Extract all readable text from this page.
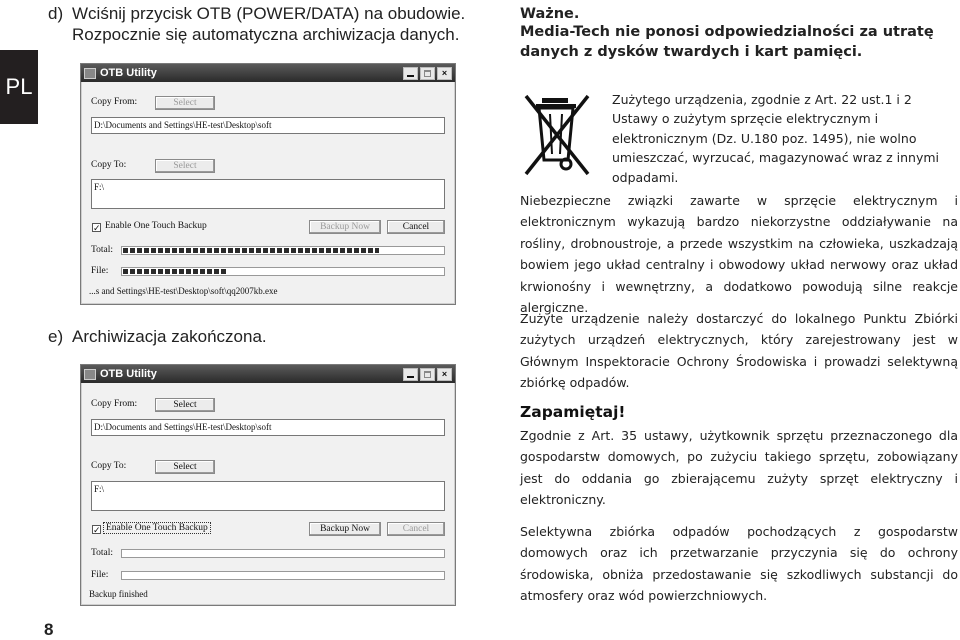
PL
8
d) Wciśnij przycisk OTB (POWER/DATA) na obudowie.
Rozpocznie się automatyczna archiwizacja danych.
OTB Utility	×
Copy From:	Select
D:\Documents and Settings\HE-test\Desktop\soft
Copy To:	Select
F:\
✓ Enable One Touch Backup	Backup Now	Cancel
Total:
File:
...s and Settings\HE-test\Desktop\soft\qq2007kb.exe
e) Archiwizacja zakończona.
OTB Utility	×
Copy From:	Select
D:\Documents and Settings\HE-test\Desktop\soft
Copy To:	Select
F:\
✓ Enable One Touch Backup	Backup Now	Cancel
Total:
File:
Backup finished
Ważne.
Media-Tech nie ponosi odpowiedzialności za utratę danych z dysków twardych i kart pamięci.
Zużytego urządzenia, zgodnie z Art. 22 ust.1 i 2 Ustawy o zużytym sprzęcie elektrycznym i elektronicznym (Dz. U.180 poz. 1495), nie wolno umieszczać, wyrzucać, magazynować wraz z innymi odpadami.
Niebezpieczne związki zawarte w sprzęcie elektrycznym i elektronicznym wykazują bardzo niekorzystne oddziaływanie na rośliny, drobnoustroje, a przede wszystkim na człowieka, uszkadzają bowiem jego układ centralny i obwodowy układ nerwowy oraz układ krwionośny i wewnętrzny, a dodatkowo powodują silne reakcje alergiczne.
Zużyte urządzenie należy dostarczyć do lokalnego Punktu Zbiórki zużytych urządzeń elektrycznych, który zarejestrowany jest w Głównym Inspektoracie Ochrony Środowiska i prowadzi selektywną zbiórkę odpadów.
Zapamiętaj!
Zgodnie z Art. 35 ustawy, użytkownik sprzętu przeznaczonego dla gospodarstw domowych, po zużyciu takiego sprzętu, zobowiązany jest do oddania go zbierającemu zużyty sprzęt elektryczny i elektroniczny.
Selektywna zbiórka odpadów pochodzących z gospodarstw domowych oraz ich przetwarzanie przyczynia się do ochrony środowiska, obniża przedostawanie się szkodliwych substancji do atmosfery oraz wód powierzchniowych.
